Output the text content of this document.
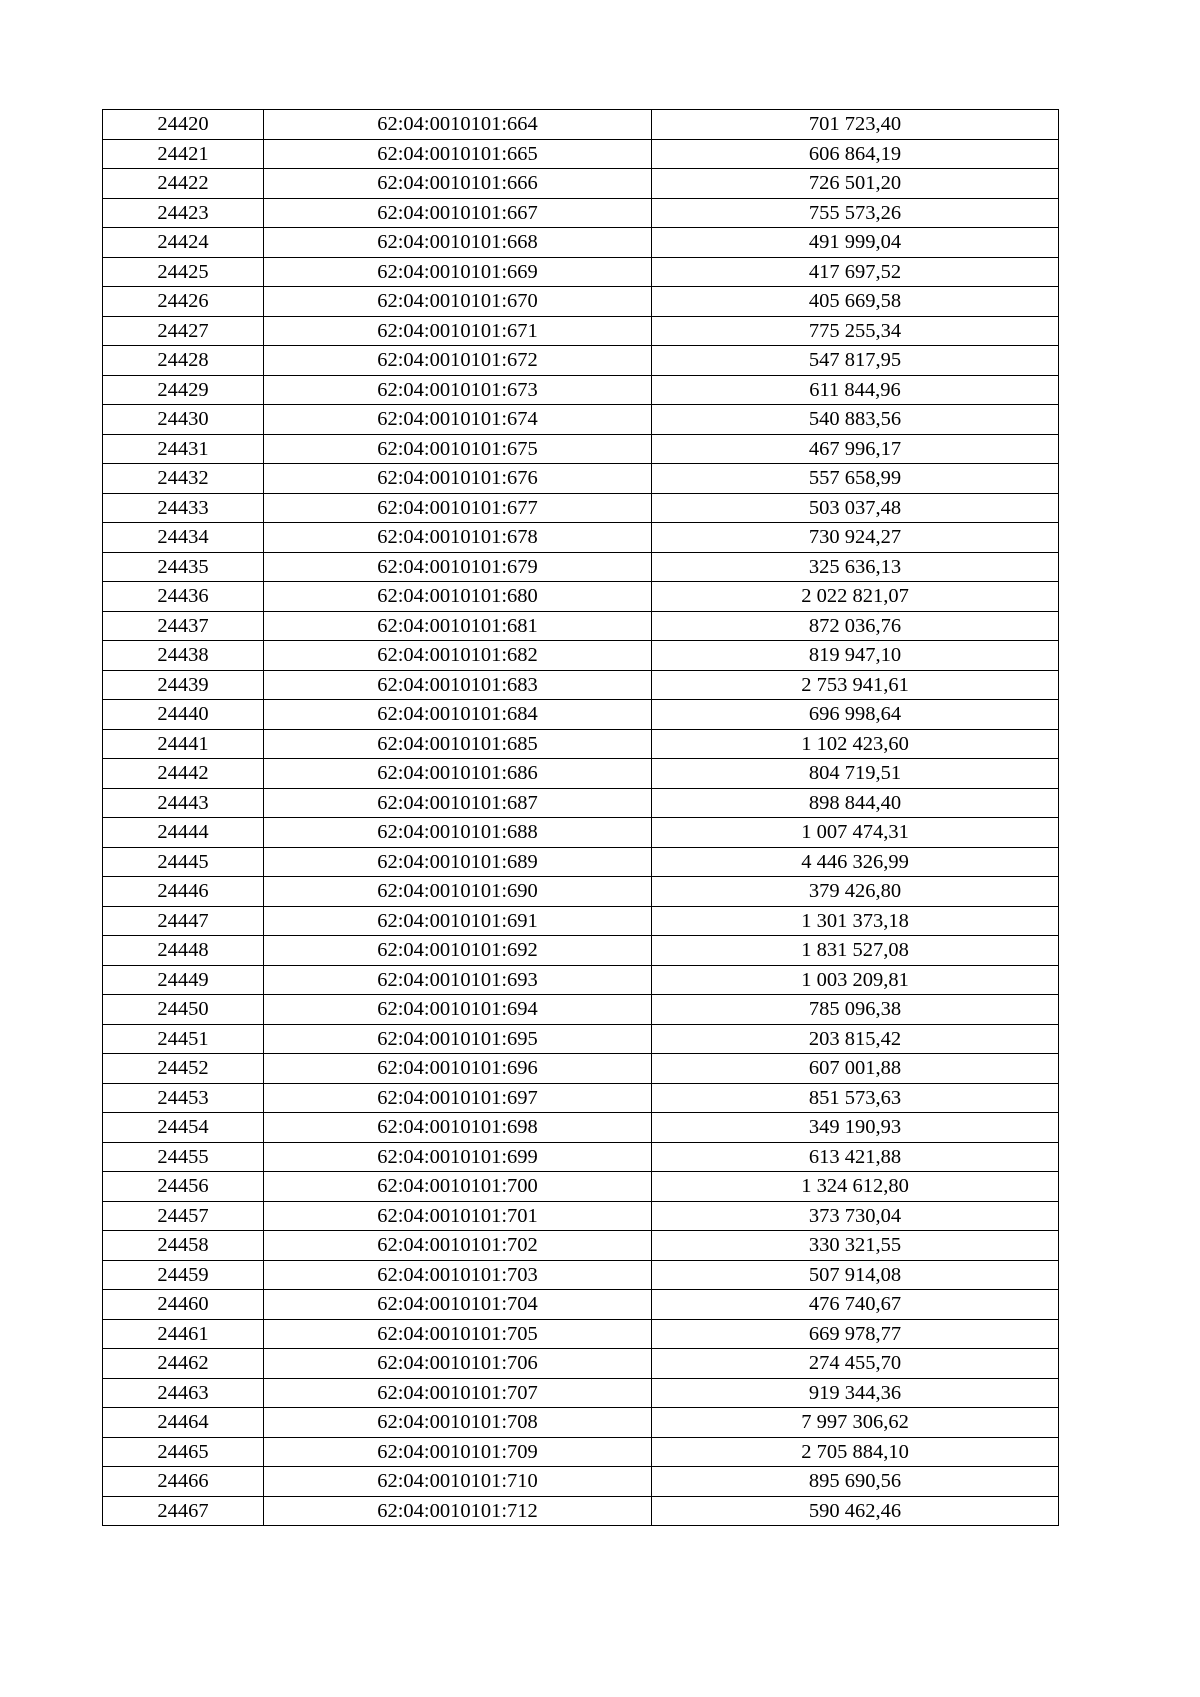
24420	62:04:0010101:664	701 723,40
24421	62:04:0010101:665	606 864,19
24422	62:04:0010101:666	726 501,20
24423	62:04:0010101:667	755 573,26
24424	62:04:0010101:668	491 999,04
24425	62:04:0010101:669	417 697,52
24426	62:04:0010101:670	405 669,58
24427	62:04:0010101:671	775 255,34
24428	62:04:0010101:672	547 817,95
24429	62:04:0010101:673	611 844,96
24430	62:04:0010101:674	540 883,56
24431	62:04:0010101:675	467 996,17
24432	62:04:0010101:676	557 658,99
24433	62:04:0010101:677	503 037,48
24434	62:04:0010101:678	730 924,27
24435	62:04:0010101:679	325 636,13
24436	62:04:0010101:680	2 022 821,07
24437	62:04:0010101:681	872 036,76
24438	62:04:0010101:682	819 947,10
24439	62:04:0010101:683	2 753 941,61
24440	62:04:0010101:684	696 998,64
24441	62:04:0010101:685	1 102 423,60
24442	62:04:0010101:686	804 719,51
24443	62:04:0010101:687	898 844,40
24444	62:04:0010101:688	1 007 474,31
24445	62:04:0010101:689	4 446 326,99
24446	62:04:0010101:690	379 426,80
24447	62:04:0010101:691	1 301 373,18
24448	62:04:0010101:692	1 831 527,08
24449	62:04:0010101:693	1 003 209,81
24450	62:04:0010101:694	785 096,38
24451	62:04:0010101:695	203 815,42
24452	62:04:0010101:696	607 001,88
24453	62:04:0010101:697	851 573,63
24454	62:04:0010101:698	349 190,93
24455	62:04:0010101:699	613 421,88
24456	62:04:0010101:700	1 324 612,80
24457	62:04:0010101:701	373 730,04
24458	62:04:0010101:702	330 321,55
24459	62:04:0010101:703	507 914,08
24460	62:04:0010101:704	476 740,67
24461	62:04:0010101:705	669 978,77
24462	62:04:0010101:706	274 455,70
24463	62:04:0010101:707	919 344,36
24464	62:04:0010101:708	7 997 306,62
24465	62:04:0010101:709	2 705 884,10
24466	62:04:0010101:710	895 690,56
24467	62:04:0010101:712	590 462,46
